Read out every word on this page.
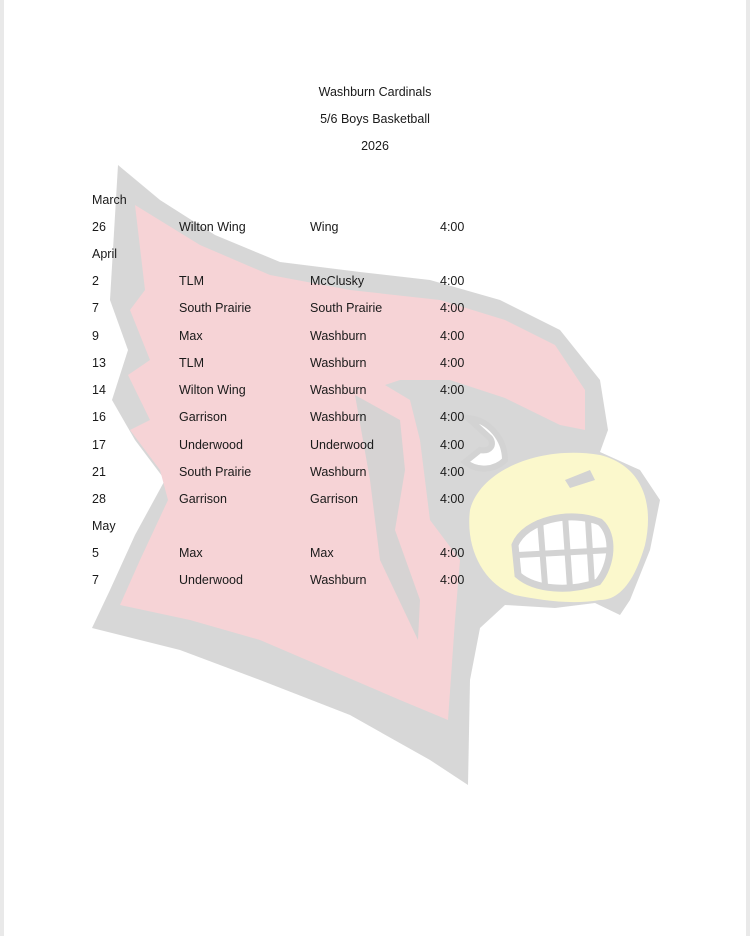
Washburn Cardinals
5/6 Boys Basketball
2026
March
26	Wilton Wing	Wing	4:00
April
2	TLM	McClusky	4:00
7	South Prairie	South Prairie	4:00
9	Max	Washburn	4:00
13	TLM	Washburn	4:00
14	Wilton Wing	Washburn	4:00
16	Garrison	Washburn	4:00
17	Underwood	Underwood	4:00
21	South Prairie	Washburn	4:00
28	Garrison	Garrison	4:00
May
5	Max	Max	4:00
7	Underwood	Washburn	4:00
